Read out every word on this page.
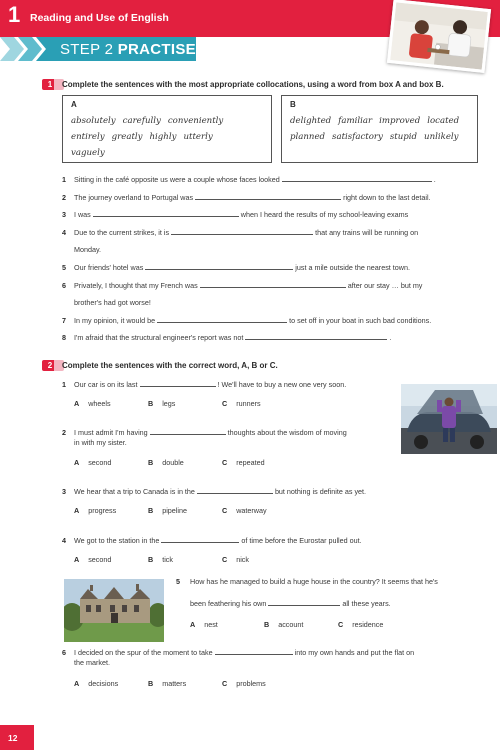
1 Reading and Use of English
STEP 2 PRACTISE
1	Complete the sentences with the most appropriate collocations, using a word from box A and box B.
A
absolutely carefully conveniently
entirely greatly highly utterly
vaguely
B
delighted familiar improved located
planned satisfactory stupid unlikely
1 Sitting in the café opposite us were a couple whose faces looked	.
2 The journey overland to Portugal was	right down to the last detail.
3 I was	when I heard the results of my school-leaving exams
4 Due to the current strikes, it is	that any trains will be running on
Monday.
5 Our friends' hotel was	just a mile outside the nearest town.
6 Privately, I thought that my French was	after our stay … but my
brother's had got worse!
7 In my opinion, it would be	to set off in your boat in such bad conditions.
8 I'm afraid that the structural engineer's report was not	.
2	Complete the sentences with the correct word, A, B or C.
1 Our car is on its last	! We'll have to buy a new one very soon.
A wheels	B legs	C runners
2 I must admit I'm having	thoughts about the wisdom of moving
in with my sister.
A second	B double	C repeated
3 We hear that a trip to Canada is in the	but nothing is definite as yet.
A progress	B pipeline	C waterway
4 We got to the station in the	of time before the Eurostar pulled out.
A second	B tick	C nick
5 How has he managed to build a huge house in the country? It seems that he's
been feathering his own	all these years.
A nest	B account	C residence
6 I decided on the spur of the moment to take	into my own hands and put the flat on
the market.
A decisions	B matters	C problems
12
